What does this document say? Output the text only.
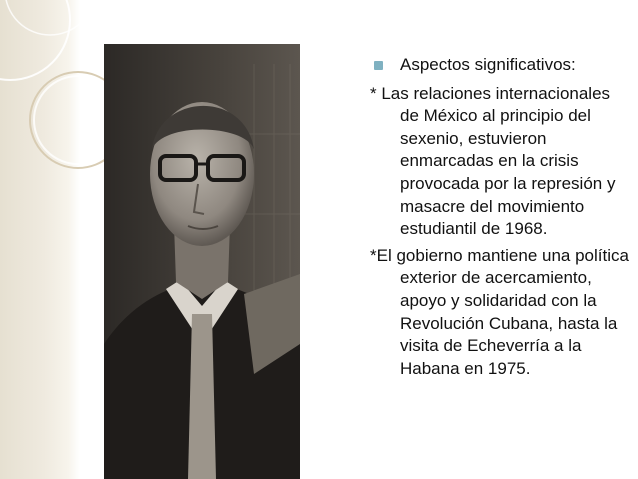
Aspectos significativos:

* Las relaciones internacionales de México al principio del sexenio, estuvieron enmarcadas en la crisis provocada por la represión y masacre del movimiento estudiantil de 1968.

*El gobierno mantiene una política exterior de acercamiento, apoyo y solidaridad con la Revolución Cubana, hasta la visita de Echeverría a la Habana en 1975.
